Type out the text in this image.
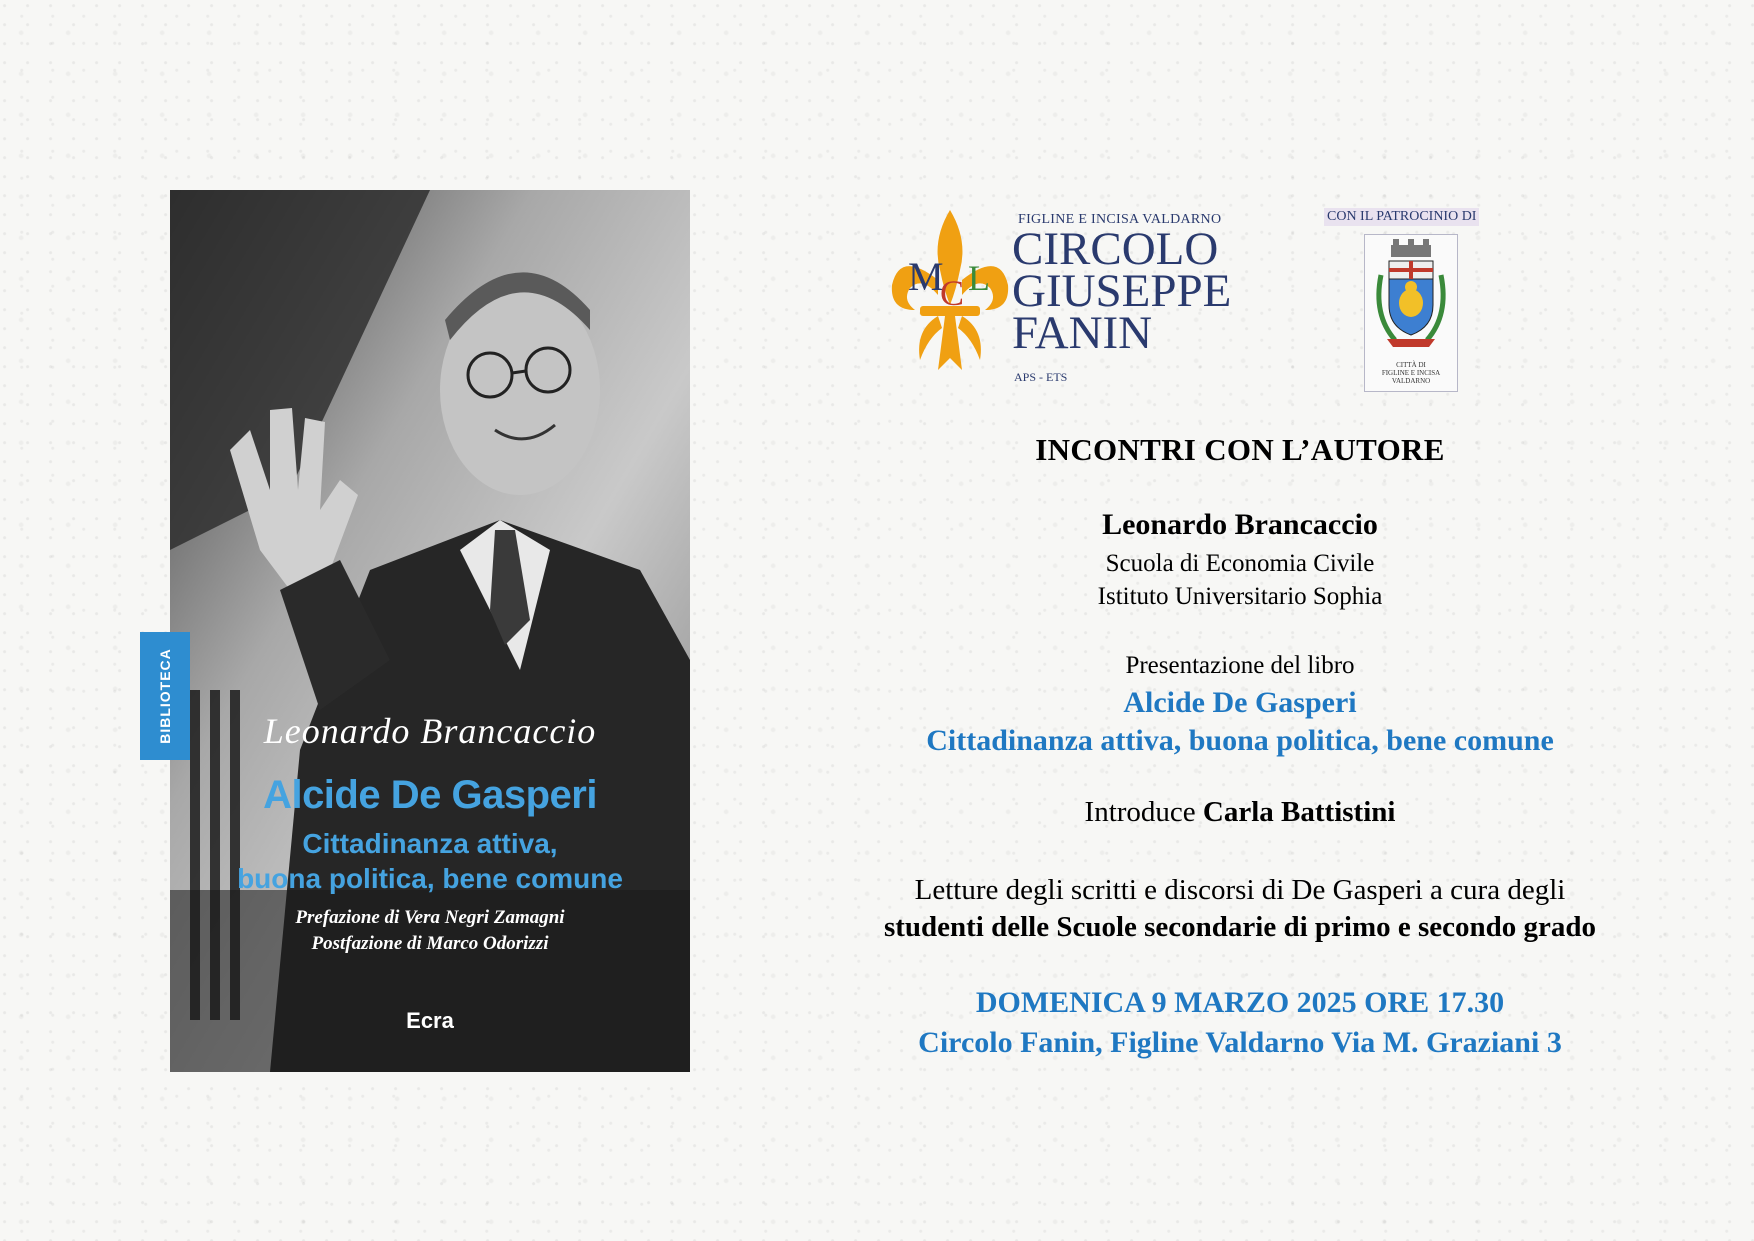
Leonardo Brancaccio
Alcide De Gasperi
Cittadinanza attiva,
buona politica, bene comune
Prefazione di Vera Negri Zamagni
Postfazione di Marco Odorizzi
Ecra
BIBLIOTECA
M
C L
FIGLINE E INCISA VALDARNO
CIRCOLO
GIUSEPPE
FANIN
APS - ETS
CON IL PATROCINIO DI
CITTÀ DI
FIGLINE E INCISA
VALDARNO
INCONTRI CON L’AUTORE
Leonardo Brancaccio
Scuola di Economia Civile
Istituto Universitario Sophia
Presentazione del libro
Alcide De Gasperi
Cittadinanza attiva, buona politica, bene comune
Introduce Carla Battistini
Letture degli scritti e discorsi di De Gasperi a cura degli
studenti delle Scuole secondarie di primo e secondo grado
DOMENICA 9 MARZO 2025 ORE 17.30
Circolo Fanin, Figline Valdarno Via M. Graziani 3
